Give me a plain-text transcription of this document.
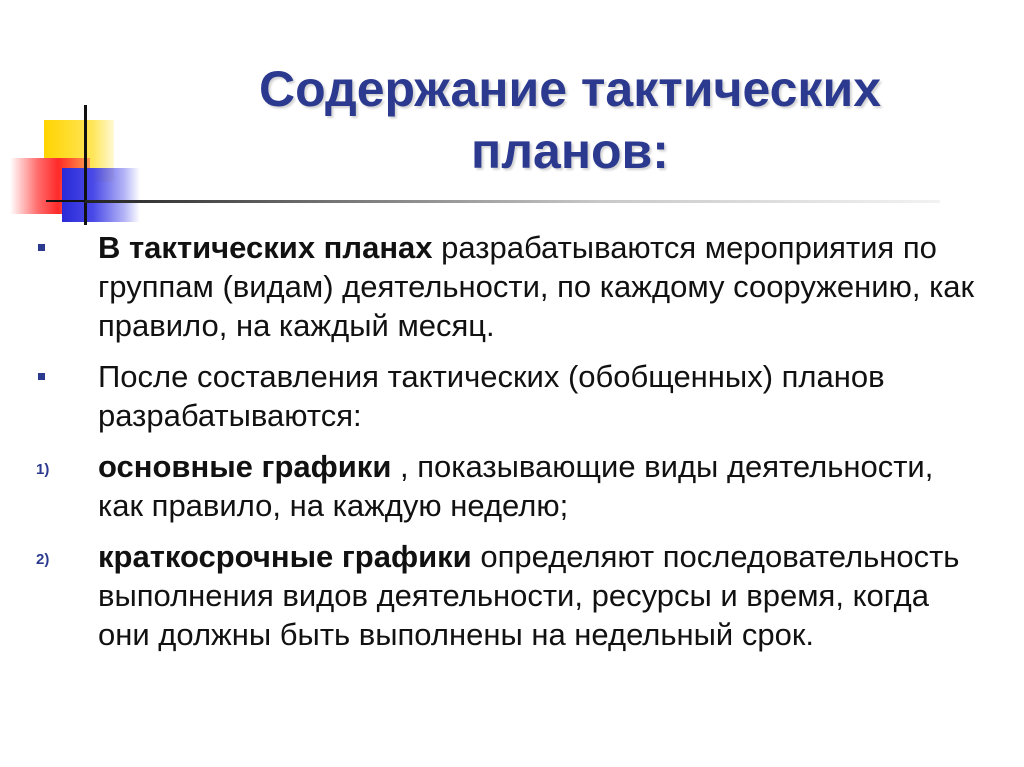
Содержание тактических
планов:
В тактических планах разрабатываются мероприятия по группам (видам) деятельности, по каждому сооружению, как правило, на каждый месяц.
После составления тактических (обобщенных) планов разрабатываются:
1)	основные графики , показывающие виды деятельности, как правило, на каждую неделю;
2)	краткосрочные графики определяют последовательность выполнения видов деятельности, ресурсы и время, когда они должны быть выполнены на недельный срок.
